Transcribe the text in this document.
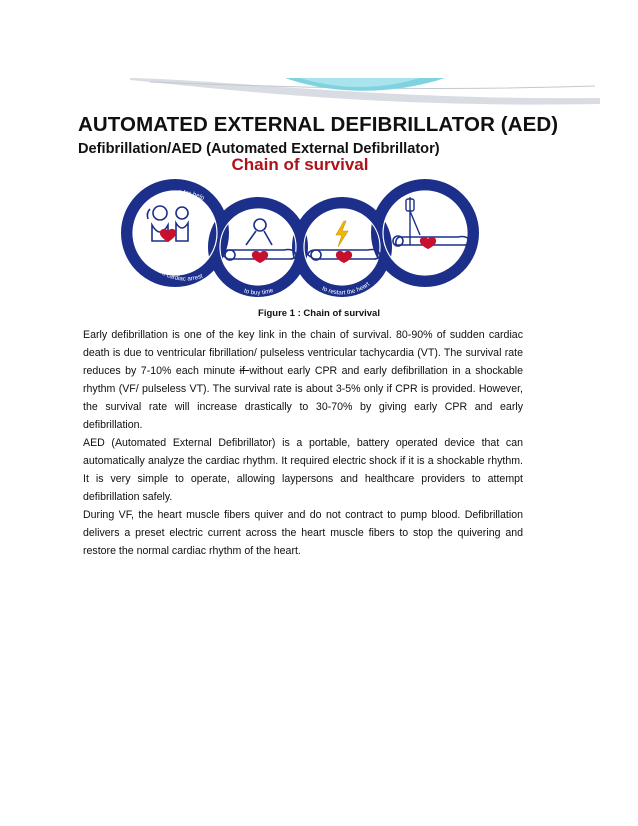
AUTOMATED EXTERNAL DEFIBRILLATOR (AED)
Defibrillation/AED (Automated External Defibrillator)
Chain of survival
Early recognition and call for help
to prevent cardiac arrest
Early CPR
to buy time
Early Defibrillation
to restart the heart
Post resuscitation care
to restore quality of lif
Figure 1 : Chain of survival

Early defibrillation is one of the key link in the chain of survival. 80-90% of sudden cardiac death is due to ventricular fibrillation/ pulseless ventricular tachycardia (VT). The survival rate reduces by 7-10% each minute if without early CPR and early defibrillation in a shockable rhythm (VF/ pulseless VT). The survival rate is about 3-5% only if CPR is provided. However, the survival rate will increase drastically to 30-70% by giving early CPR and early defibrillation.

AED (Automated External Defibrillator) is a portable, battery operated device that can automatically analyze the cardiac rhythm. It required electric shock if it is a shockable rhythm. It is very simple to operate, allowing laypersons and healthcare providers to attempt defibrillation safely.

During VF, the heart muscle fibers quiver and do not contract to pump blood. Defibrillation delivers a preset electric current across the heart muscle fibers to stop the quivering and restore the normal cardiac rhythm of the heart.
